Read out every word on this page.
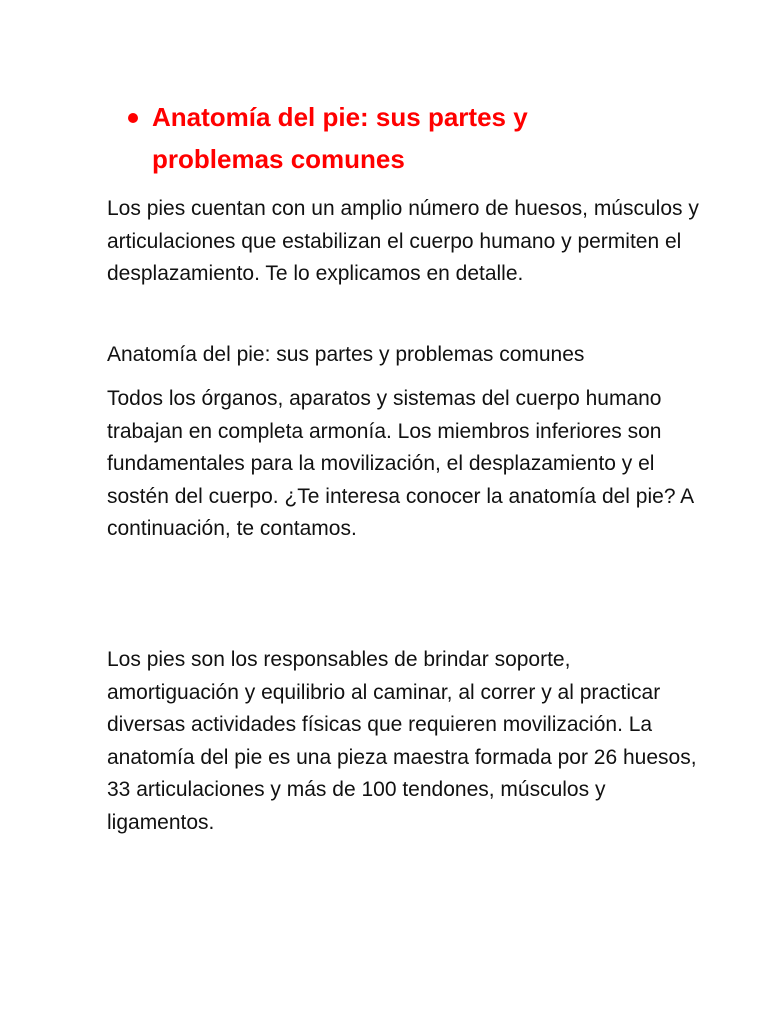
Anatomía del pie: sus partes y problemas comunes

Los pies cuentan con un amplio número de huesos, músculos y articulaciones que estabilizan el cuerpo humano y permiten el desplazamiento. Te lo explicamos en detalle.

Anatomía del pie: sus partes y problemas comunes

Todos los órganos, aparatos y sistemas del cuerpo humano trabajan en completa armonía. Los miembros inferiores son fundamentales para la movilización, el desplazamiento y el sostén del cuerpo. ¿Te interesa conocer la anatomía del pie? A continuación, te contamos.

Los pies son los responsables de brindar soporte, amortiguación y equilibrio al caminar, al correr y al practicar diversas actividades físicas que requieren movilización. La anatomía del pie es una pieza maestra formada por 26 huesos, 33 articulaciones y más de 100 tendones, músculos y ligamentos.
